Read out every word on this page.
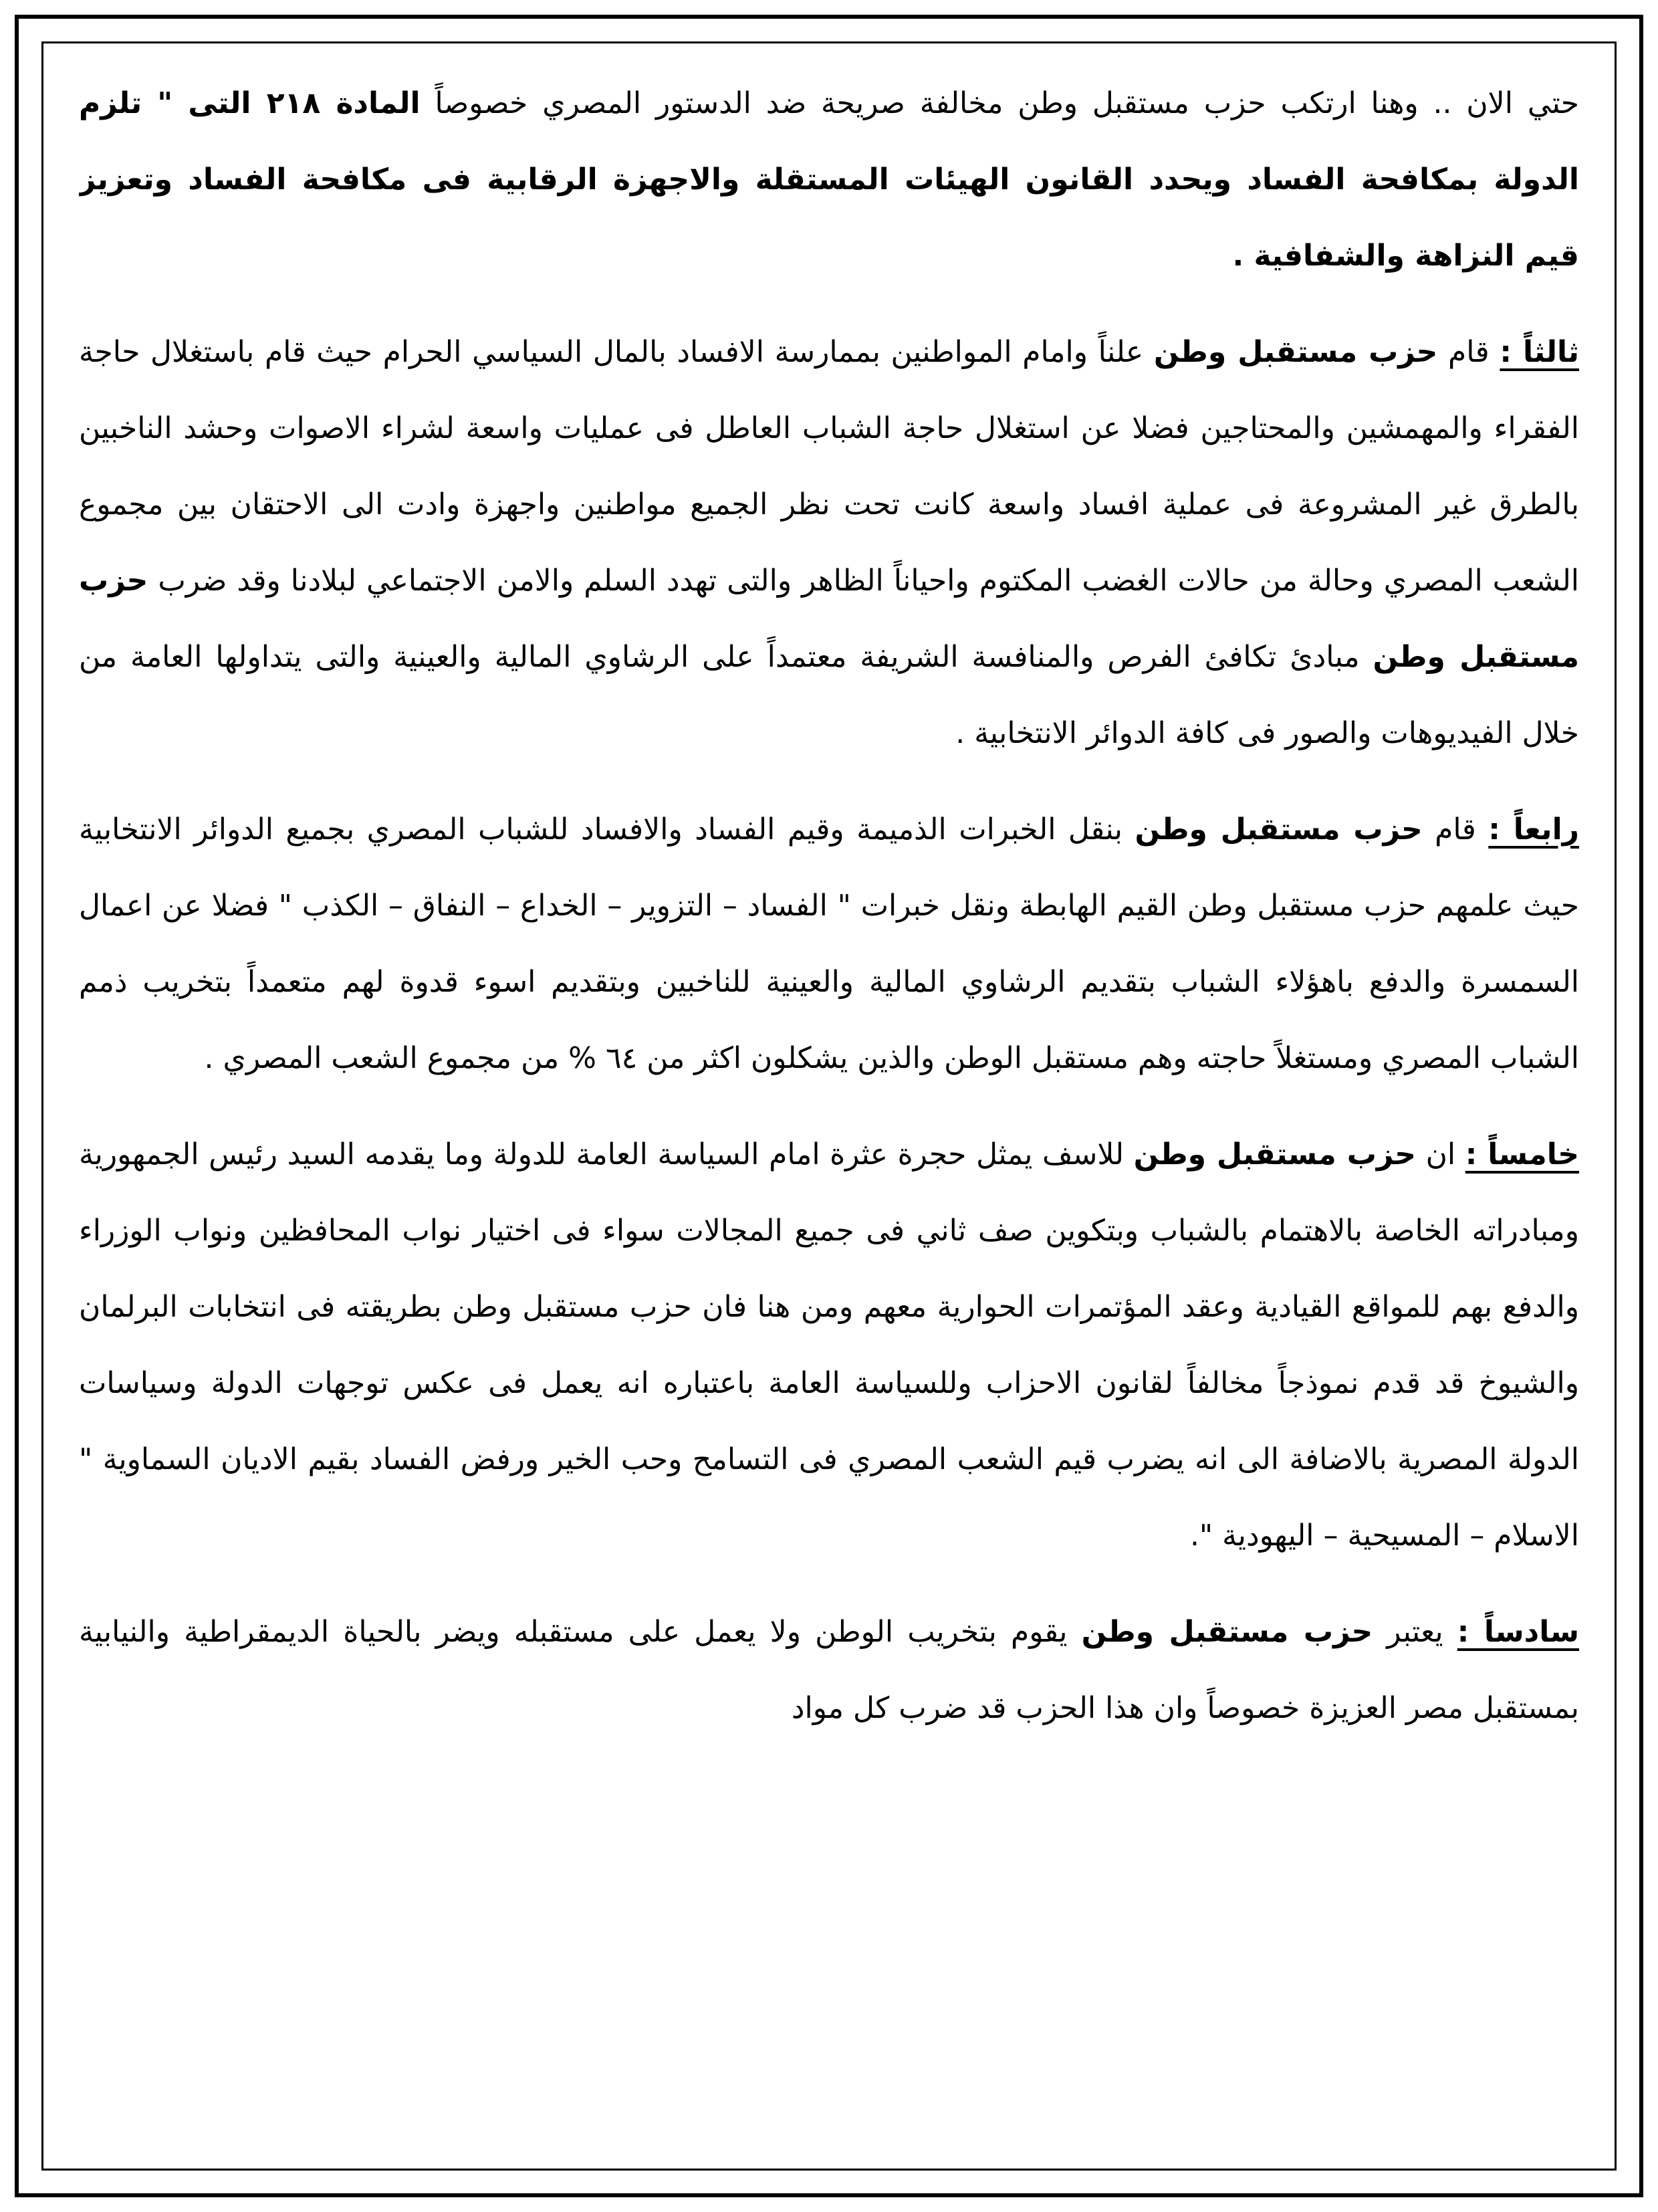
حتي الان .. وهنا ارتكب حزب مستقبل وطن مخالفة صريحة ضد الدستور المصري خصوصاً المادة ٢١٨ التى " تلزم الدولة بمكافحة الفساد ويحدد القانون الهيئات المستقلة والاجهزة الرقابية فى مكافحة الفساد وتعزيز قيم النزاهة والشفافية .

ثالثاً : قام حزب مستقبل وطن علناً وامام المواطنين بممارسة الافساد بالمال السياسي الحرام حيث قام باستغلال حاجة الفقراء والمهمشين والمحتاجين فضلا عن استغلال حاجة الشباب العاطل فى عمليات واسعة لشراء الاصوات وحشد الناخبين بالطرق غير المشروعة فى عملية افساد واسعة كانت تحت نظر الجميع مواطنين واجهزة وادت الى الاحتقان بين مجموع الشعب المصري وحالة من حالات الغضب المكتوم واحياناً الظاهر والتى تهدد السلم والامن الاجتماعي لبلادنا وقد ضرب حزب مستقبل وطن مبادئ تكافئ الفرص والمنافسة الشريفة معتمداً على الرشاوي المالية والعينية والتى يتداولها العامة من خلال الفيديوهات والصور فى كافة الدوائر الانتخابية .

رابعاً : قام حزب مستقبل وطن بنقل الخبرات الذميمة وقيم الفساد والافساد للشباب المصري بجميع الدوائر الانتخابية حيث علمهم حزب مستقبل وطن القيم الهابطة ونقل خبرات " الفساد – التزوير – الخداع – النفاق – الكذب " فضلا عن اعمال السمسرة والدفع باهؤلاء الشباب بتقديم الرشاوي المالية والعينية للناخبين وبتقديم اسوء قدوة لهم متعمداً بتخريب ذمم الشباب المصري ومستغلاً حاجته وهم مستقبل الوطن والذين يشكلون اكثر من ٦٤ % من مجموع الشعب المصري .

خامساً : ان حزب مستقبل وطن للاسف يمثل حجرة عثرة امام السياسة العامة للدولة وما يقدمه السيد رئيس الجمهورية ومبادراته الخاصة بالاهتمام بالشباب وبتكوين صف ثاني فى جميع المجالات سواء فى اختيار نواب المحافظين ونواب الوزراء والدفع بهم للمواقع القيادية وعقد المؤتمرات الحوارية معهم ومن هنا فان حزب مستقبل وطن بطريقته فى انتخابات البرلمان والشيوخ قد قدم نموذجاً مخالفاً لقانون الاحزاب وللسياسة العامة باعتباره انه يعمل فى عكس توجهات الدولة وسياسات الدولة المصرية بالاضافة الى انه يضرب قيم الشعب المصري فى التسامح وحب الخير ورفض الفساد بقيم الاديان السماوية " الاسلام – المسيحية – اليهودية ".

سادساً : يعتبر حزب مستقبل وطن يقوم بتخريب الوطن ولا يعمل على مستقبله ويضر بالحياة الديمقراطية والنيابية بمستقبل مصر العزيزة خصوصاً وان هذا الحزب قد ضرب كل مواد
